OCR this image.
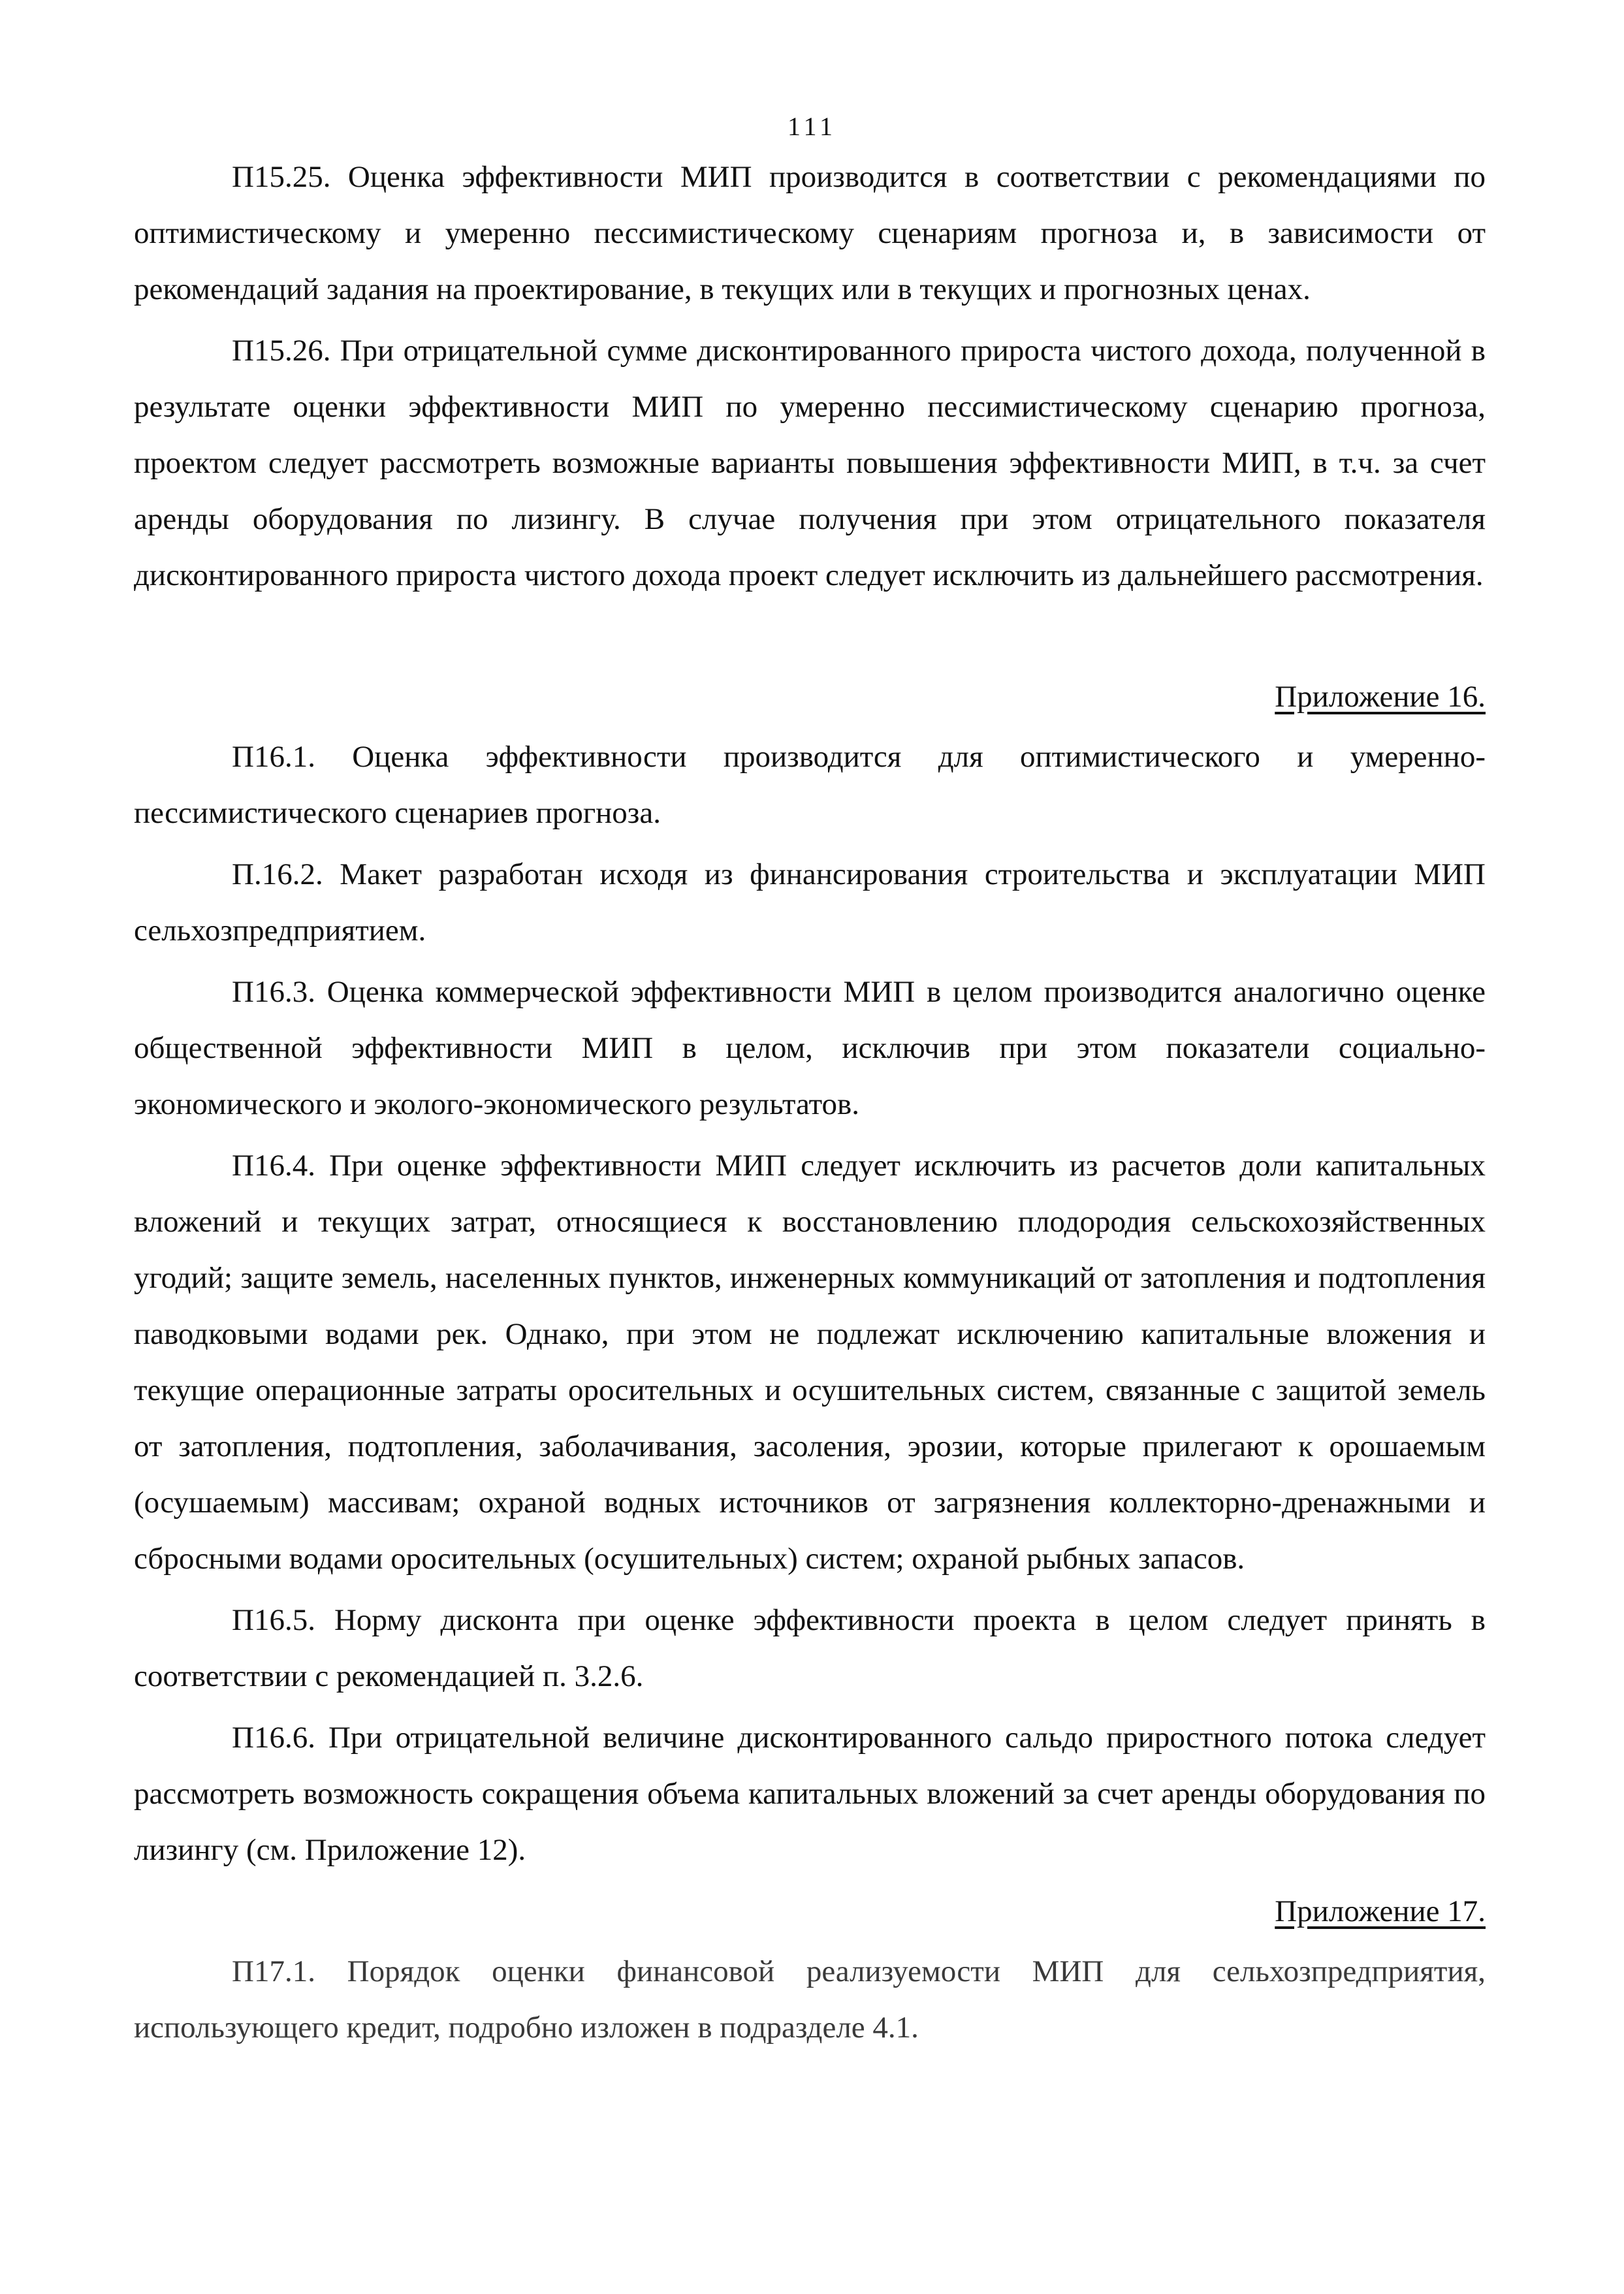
111

П15.25. Оценка эффективности МИП производится в соответствии с рекомендациями по оптимистическому и умеренно пессимистическому сценариям прогноза и, в зависимости от рекомендаций задания на проектирование, в текущих или в текущих и прогнозных ценах.

П15.26. При отрицательной сумме дисконтированного прироста чистого дохода, полученной в результате оценки эффективности МИП по умеренно пессимистическому сценарию прогноза, проектом следует рассмотреть возможные варианты повышения эффективности МИП, в т.ч. за счет аренды оборудования по лизингу. В случае получения при этом отрицательного показателя дисконтированного прироста чистого дохода проект следует исключить из дальнейшего рассмотрения.

Приложение 16.

П16.1. Оценка эффективности производится для оптимистического и умеренно-пессимистического сценариев прогноза.

П.16.2. Макет разработан исходя из финансирования строительства и эксплуатации МИП сельхозпредприятием.

П16.3. Оценка коммерческой эффективности МИП в целом производится аналогично оценке общественной эффективности МИП в целом, исключив при этом показатели социально-экономического и эколого-экономического результатов.

П16.4. При оценке эффективности МИП следует исключить из расчетов доли капитальных вложений и текущих затрат, относящиеся к восстановлению плодородия сельскохозяйственных угодий; защите земель, населенных пунктов, инженерных коммуникаций от затопления и подтопления паводковыми водами рек. Однако, при этом не подлежат исключению капитальные вложения и текущие операционные затраты оросительных и осушительных систем, связанные с защитой земель от затопления, подтопления, заболачивания, засоления, эрозии, которые прилегают к орошаемым (осушаемым) массивам; охраной водных источников от загрязнения коллекторно-дренажными и сбросными водами оросительных (осушительных) систем; охраной рыбных запасов.

П16.5. Норму дисконта при оценке эффективности проекта в целом следует принять в соответствии с рекомендацией п. 3.2.6.

П16.6. При отрицательной величине дисконтированного сальдо приростного потока следует рассмотреть возможность сокращения объема капитальных вложений за счет аренды оборудования по лизингу (см. Приложение 12).

Приложение 17.

П17.1. Порядок оценки финансовой реализуемости МИП для сельхозпредприятия, использующего кредит, подробно изложен в подразделе 4.1.
